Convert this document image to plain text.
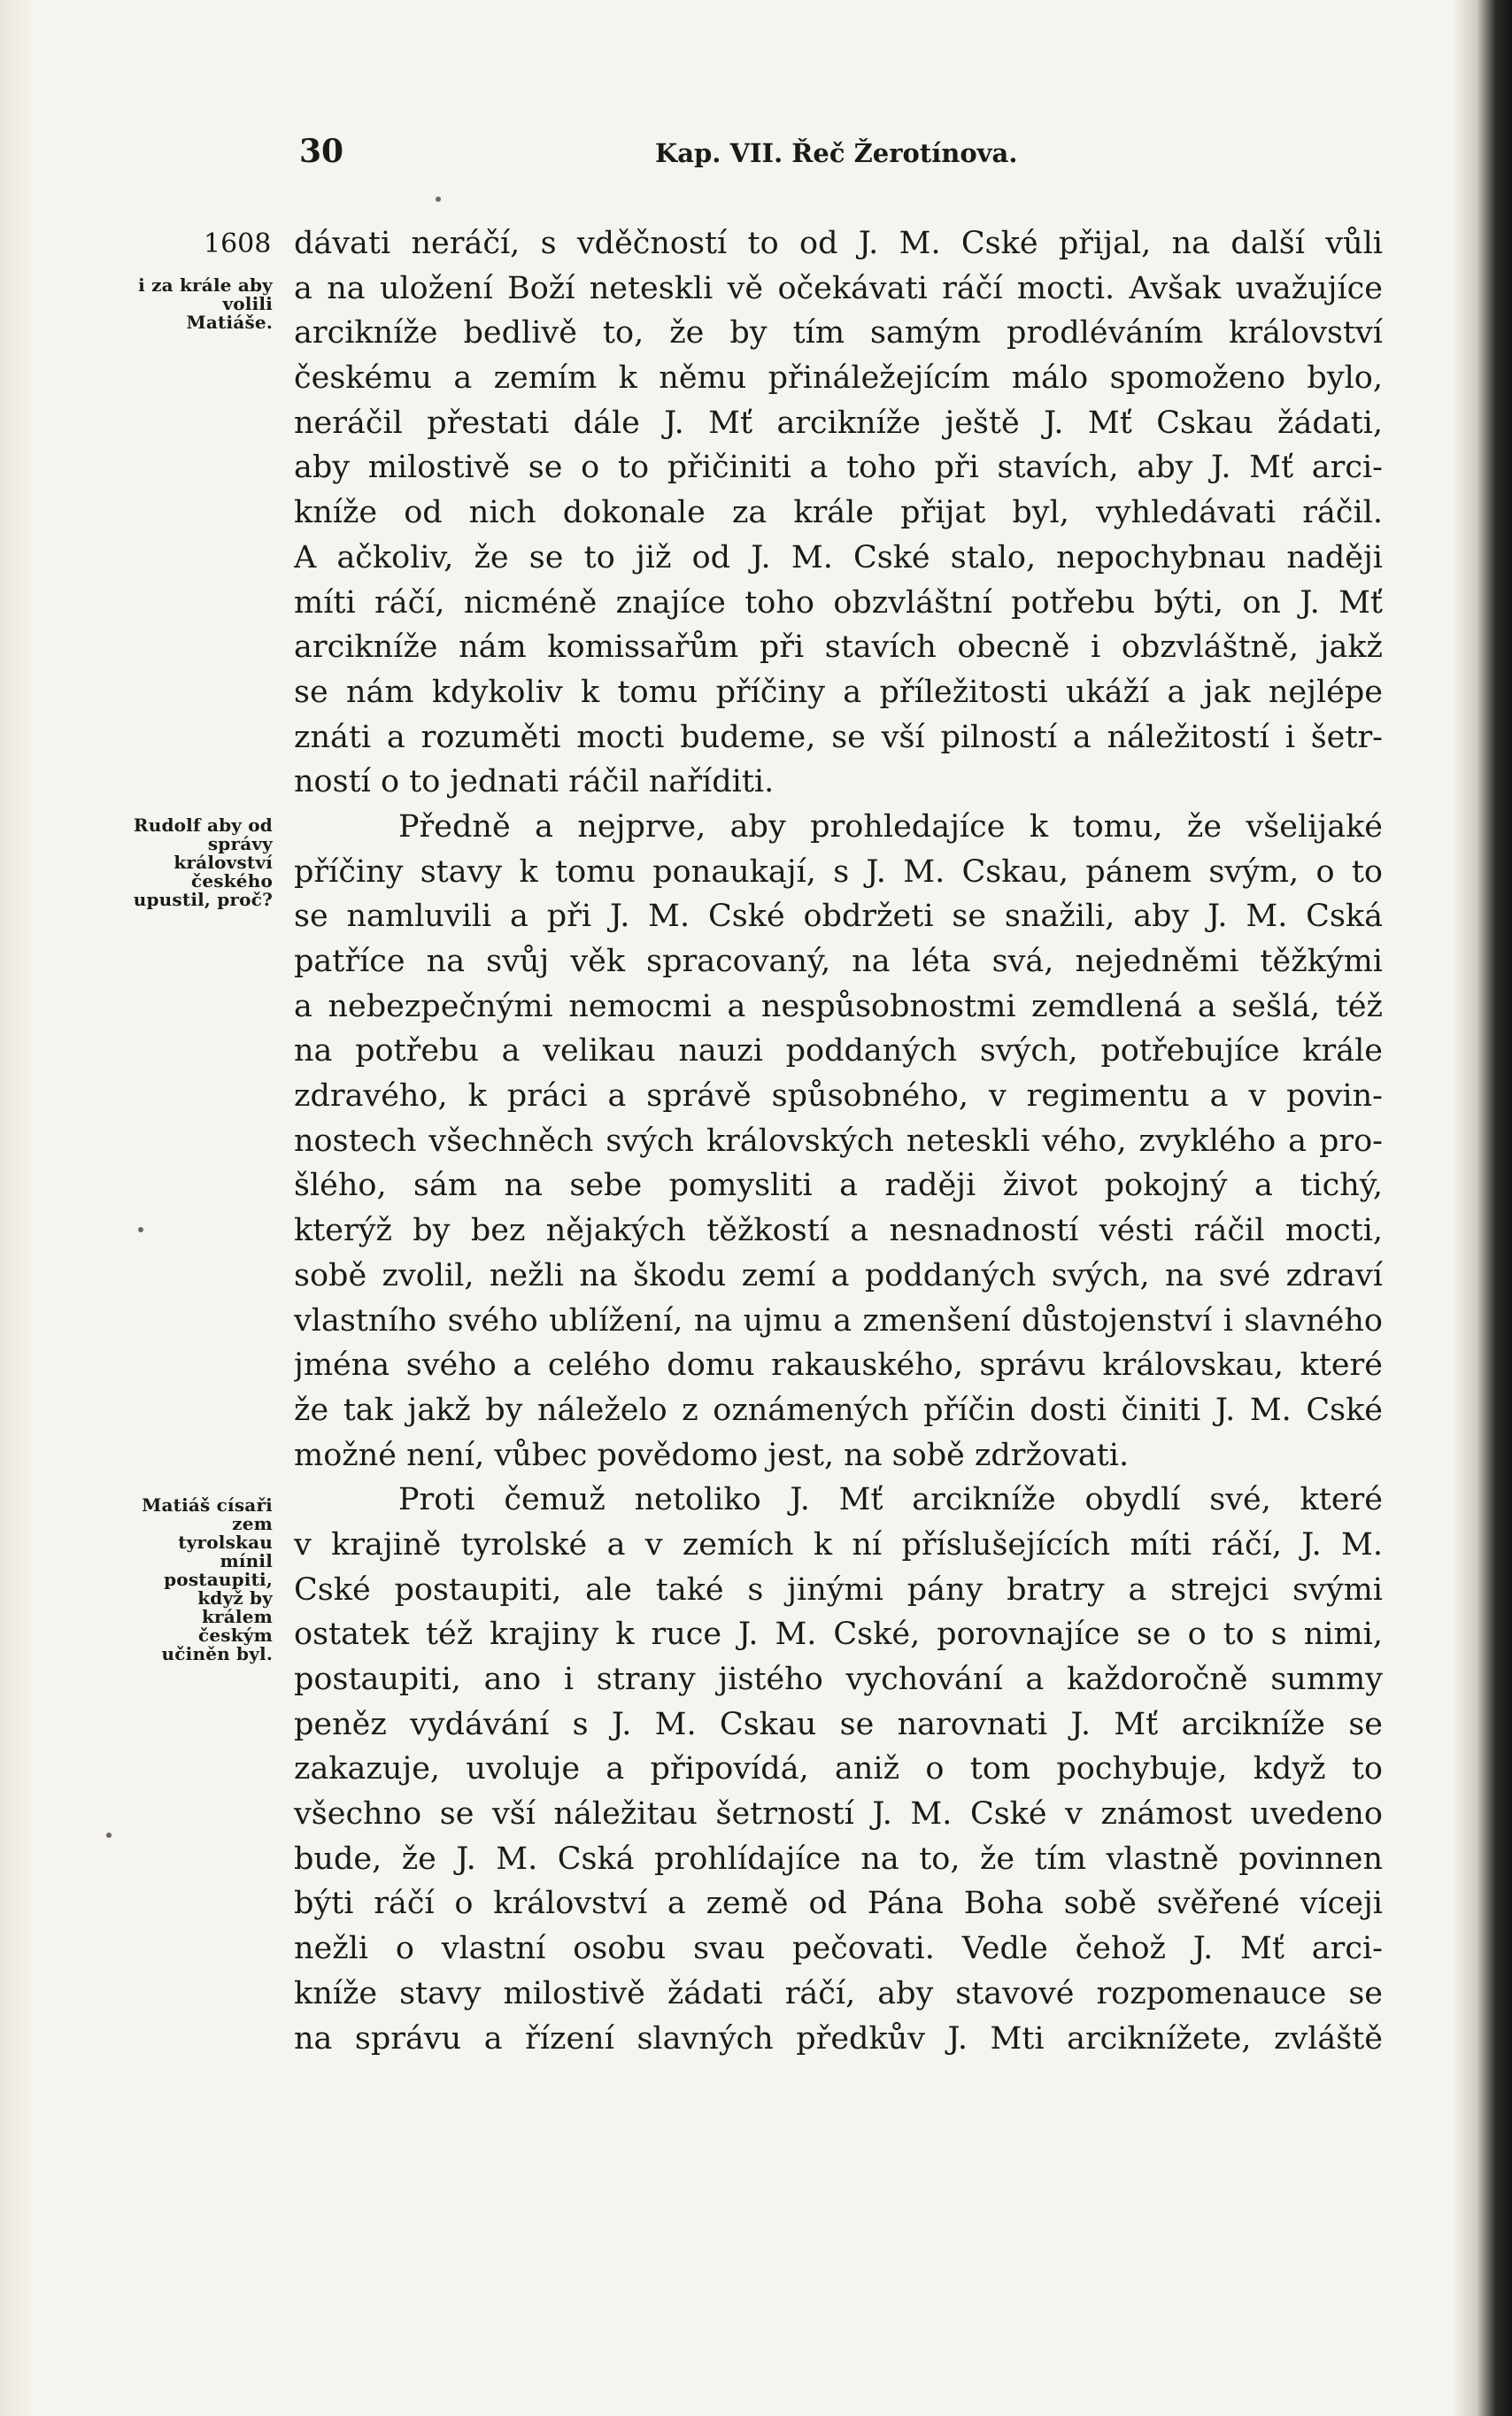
30	Kap. VII. Řeč Žerotínova.
1608
i za krále aby volili Matiáše.
Rudolf aby od správy království českého upustil, proč?
Matiáš císaři zem tyrolskau mínil postaupiti, když by králem českým učiněn byl.
dávati neráčí, s vděčností to od J. M. Cské přijal, na další vůli
a na uložení Boží neteskli vě očekávati ráčí mocti. Avšak uvažujíce
arcikníže bedlivě to, že by tím samým prodléváním království
českému a zemím k němu přináležejícím málo spomoženo bylo,
neráčil přestati dále J. Mť arcikníže ještě J. Mť Cskau žádati,
aby milostivě se o to přičiniti a toho při stavích, aby J. Mť arci-
kníže od nich dokonale za krále přijat byl, vyhledávati ráčil.
A ačkoliv, že se to již od J. M. Cské stalo, nepochybnau naději
míti ráčí, nicméně znajíce toho obzvláštní potřebu býti, on J. Mť
arcikníže nám komissařům při stavích obecně i obzvláštně, jakž
se nám kdykoliv k tomu příčiny a příležitosti ukáží a jak nejlépe
znáti a rozuměti mocti budeme, se vší pilností a náležitostí i šetr-
ností o to jednati ráčil naříditi.
Předně a nejprve, aby prohledajíce k tomu, že všelijaké
příčiny stavy k tomu ponaukají, s J. M. Cskau, pánem svým, o to
se namluvili a při J. M. Cské obdržeti se snažili, aby J. M. Cská
patříce na svůj věk spracovaný, na léta svá, nejedněmi těžkými
a nebezpečnými nemocmi a nespůsobnostmi zemdlená a sešlá, též
na potřebu a velikau nauzi poddaných svých, potřebujíce krále
zdravého, k práci a správě spůsobného, v regimentu a v povin-
nostech všechněch svých královských neteskli vého, zvyklého a pro-
šlého, sám na sebe pomysliti a raději život pokojný a tichý,
kterýž by bez nějakých těžkostí a nesnadností vésti ráčil mocti,
sobě zvolil, nežli na škodu zemí a poddaných svých, na své zdraví
vlastního svého ublížení, na ujmu a zmenšení důstojenství i slavného
jména svého a celého domu rakauského, správu královskau, které
že tak jakž by náleželo z oznámených příčin dosti činiti J. M. Cské
možné není, vůbec povědomo jest, na sobě zdržovati.
Proti čemuž netoliko J. Mť arcikníže obydlí své, které
v krajině tyrolské a v zemích k ní příslušejících míti ráčí, J. M.
Cské postaupiti, ale také s jinými pány bratry a strejci svými
ostatek též krajiny k ruce J. M. Cské, porovnajíce se o to s nimi,
postaupiti, ano i strany jistého vychování a každoročně summy
peněz vydávání s J. M. Cskau se narovnati J. Mť arcikníže se
zakazuje, uvoluje a připovídá, aniž o tom pochybuje, když to
všechno se vší náležitau šetrností J. M. Cské v známost uvedeno
bude, že J. M. Cská prohlídajíce na to, že tím vlastně povinnen
býti ráčí o království a země od Pána Boha sobě svěřené víceji
nežli o vlastní osobu svau pečovati. Vedle čehož J. Mť arci-
kníže stavy milostivě žádati ráčí, aby stavové rozpomenauce se
na správu a řízení slavných předkův J. Mti arciknížete, zvláště
